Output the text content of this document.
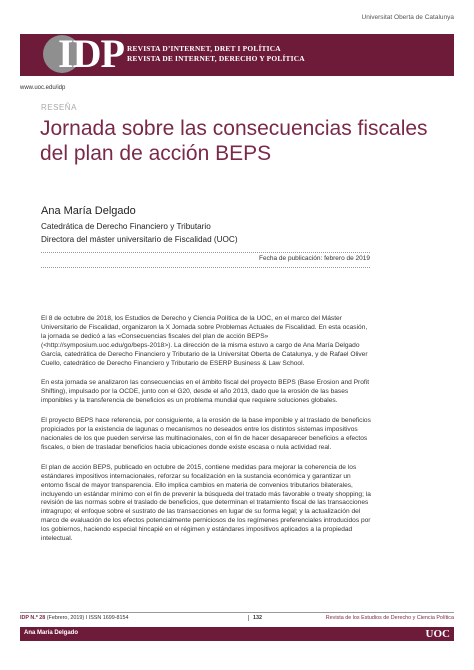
Universitat Oberta de Catalunya
IDP REVISTA D’INTERNET, DRET I POLÍTICA
REVISTA DE INTERNET, DERECHO Y POLÍTICA
www.uoc.edu/idp
RESEÑA
Jornada sobre las consecuencias fiscales del plan de acción BEPS
Ana María Delgado
Catedrática de Derecho Financiero y Tributario
Directora del máster universitario de Fiscalidad (UOC)
Fecha de publicación: febrero de 2019

El 8 de octubre de 2018, los Estudios de Derecho y Ciencia Política de la UOC, en el marco del Máster Universitario de Fiscalidad, organizaron la X Jornada sobre Problemas Actuales de Fiscalidad. En esta ocasión, la jornada se dedicó a las «Consecuencias fiscales del plan de acción BEPS» (<http://symposium.uoc.edu/go/beps-2018>). La dirección de la misma estuvo a cargo de Ana María Delgado García, catedrática de Derecho Financiero y Tributario de la Universitat Oberta de Catalunya, y de Rafael Oliver Cuello, catedrático de Derecho Financiero y Tributario de ESERP Business & Law School.

En esta jornada se analizaron las consecuencias en el ámbito fiscal del proyecto BEPS (Base Erosion and Profit Shifting), impulsado por la OCDE, junto con el G20, desde el año 2013, dado que la erosión de las bases imponibles y la transferencia de beneficios es un problema mundial que requiere soluciones globales.

El proyecto BEPS hace referencia, por consiguiente, a la erosión de la base imponible y al traslado de beneficios propiciados por la existencia de lagunas o mecanismos no deseados entre los distintos sistemas impositivos nacionales de los que pueden servirse las multinacionales, con el fin de hacer desaparecer beneficios a efectos fiscales, o bien de trasladar beneficios hacia ubicaciones donde existe escasa o nula actividad real.

El plan de acción BEPS, publicado en octubre de 2015, contiene medidas para mejorar la coherencia de los estándares impositivos internacionales, reforzar su focalización en la sustancia económica y garantizar un entorno fiscal de mayor transparencia. Ello implica cambios en materia de convenios tributarios bilaterales, incluyendo un estándar mínimo con el fin de prevenir la búsqueda del tratado más favorable o treaty shopping; la revisión de las normas sobre el traslado de beneficios, que determinan el tratamiento fiscal de las transacciones intragrupo; el enfoque sobre el sustrato de las transacciones en lugar de su forma legal; y la actualización del marco de evaluación de los efectos potencialmente perniciosos de los regímenes preferenciales introducidos por los gobiernos, haciendo especial hincapié en el régimen y estándares impositivos aplicados a la propiedad intelectual.

IDP N.º 28 (Febrero, 2019) I ISSN 1699-8154	132	Revista de los Estudios de Derecho y Ciencia Política
Ana María Delgado	UOC
